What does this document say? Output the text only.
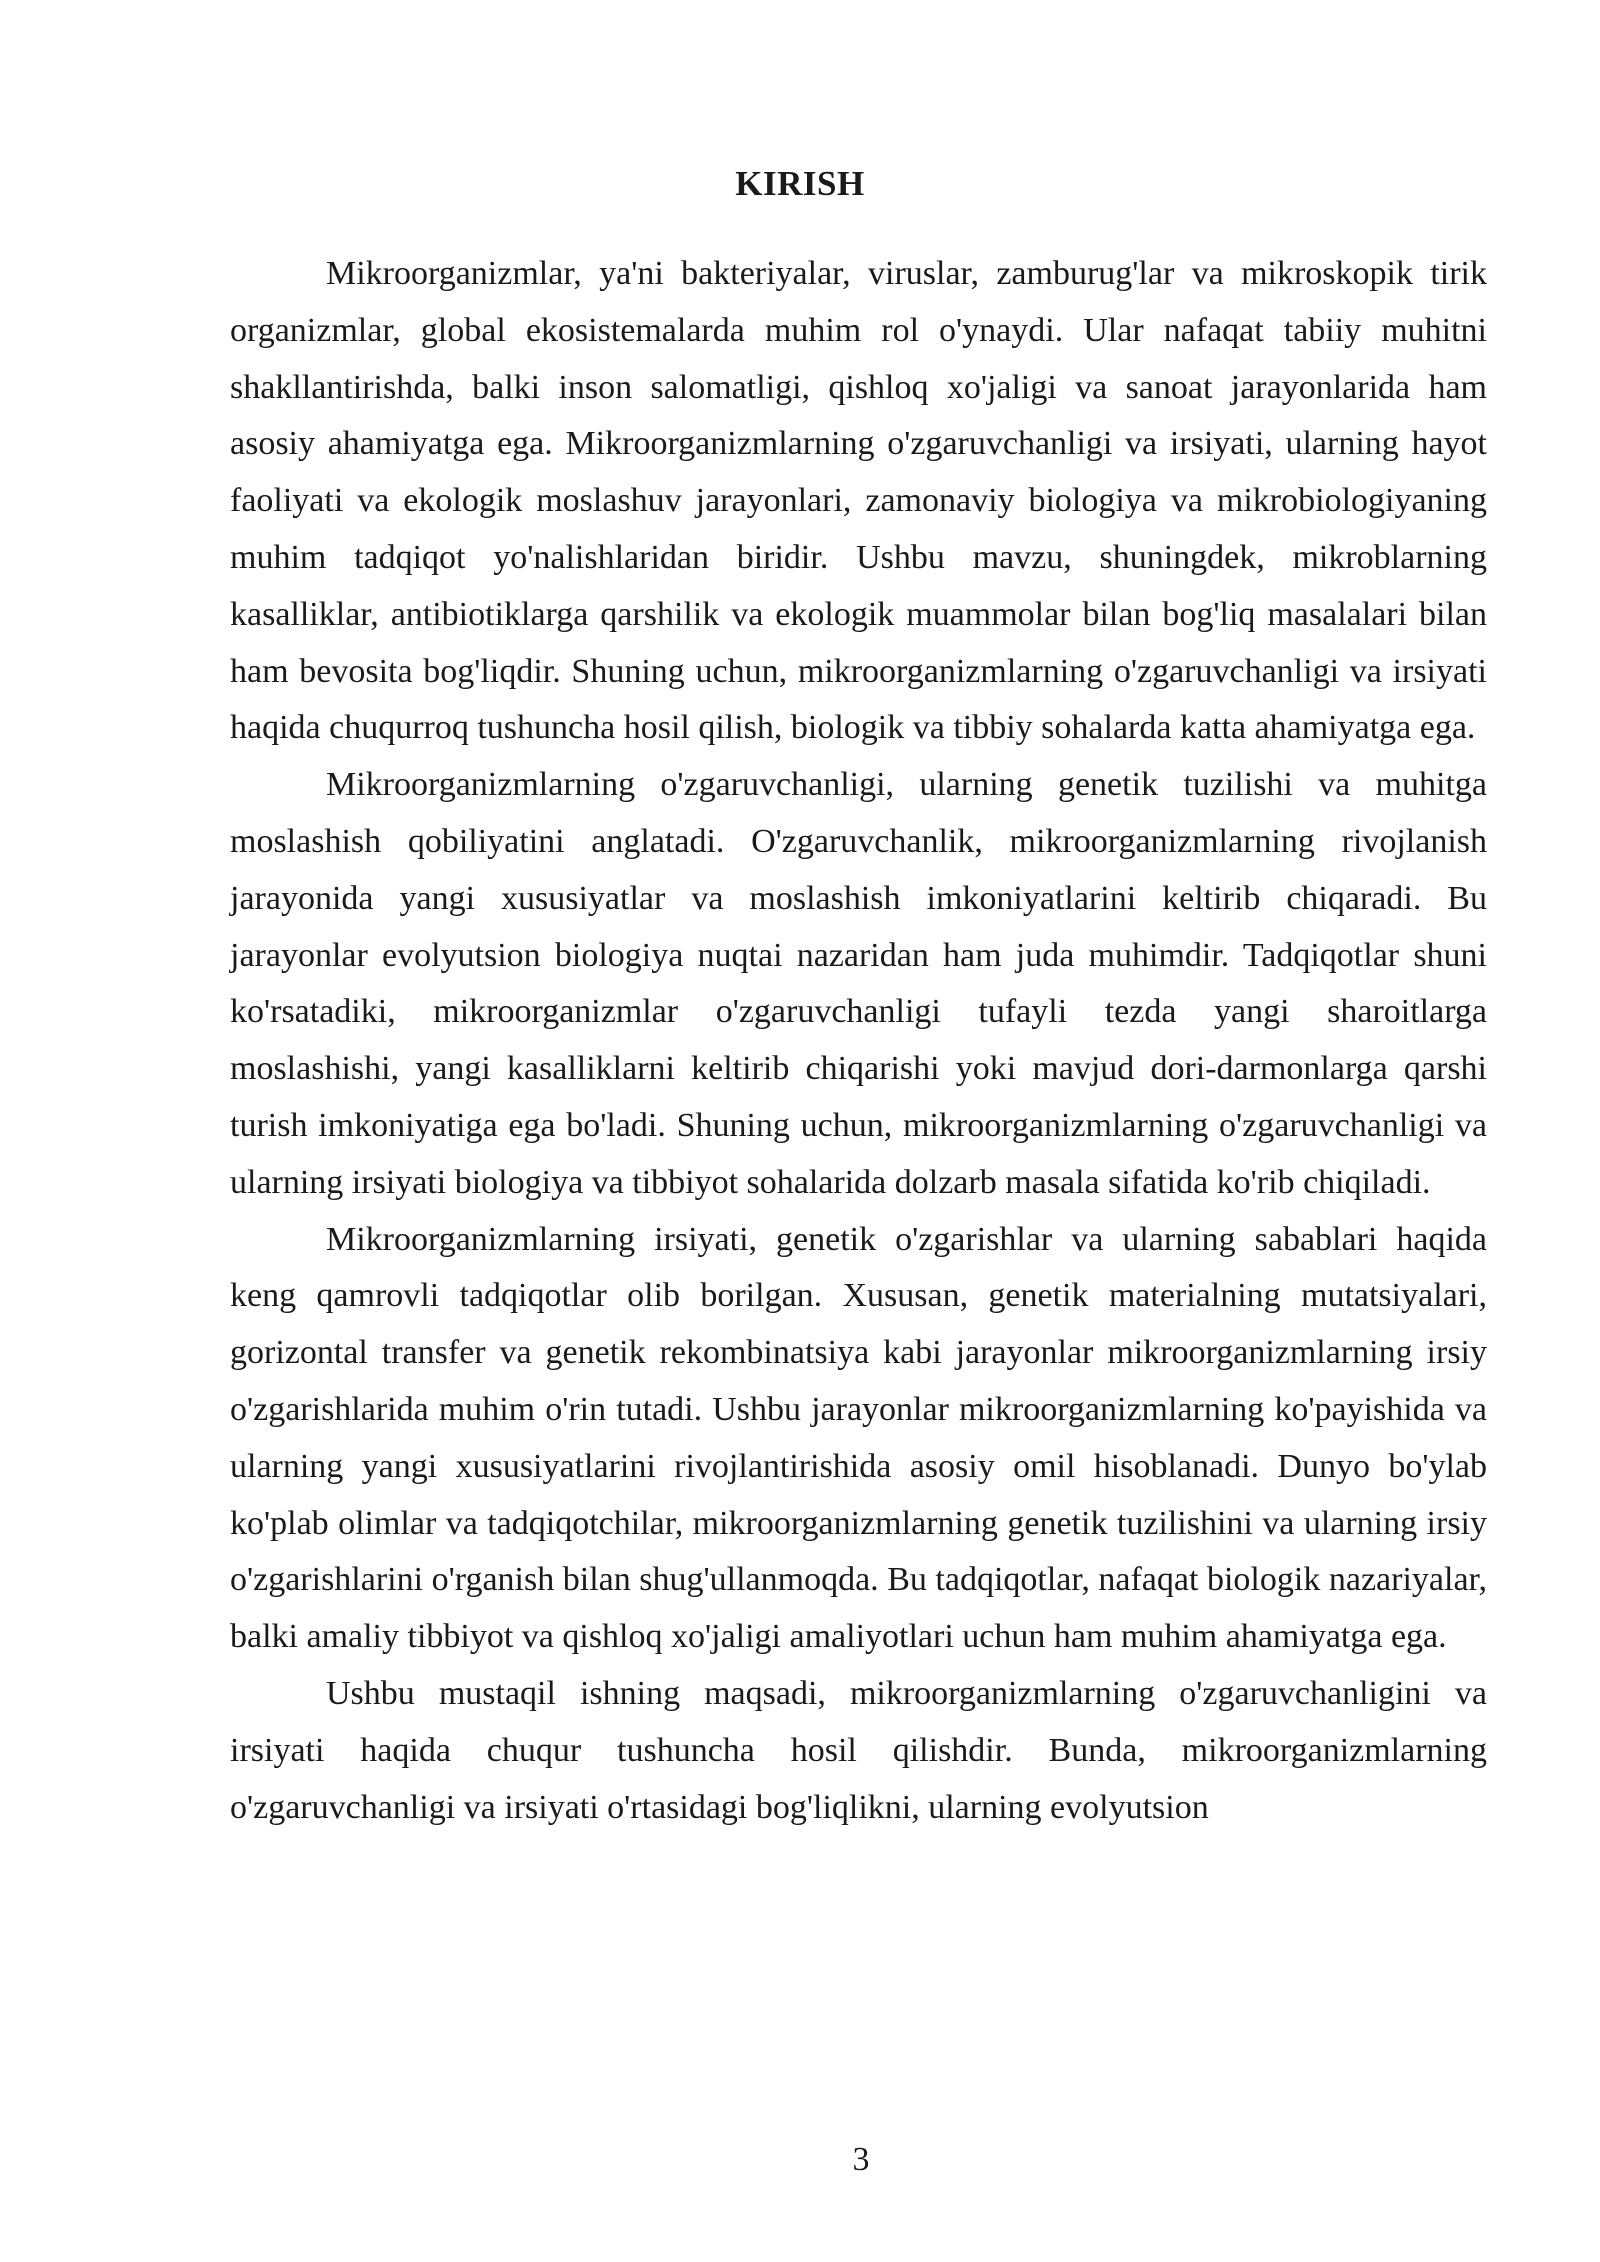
KIRISH

Mikroorganizmlar, ya'ni bakteriyalar, viruslar, zamburug'lar va mikroskopik tirik organizmlar, global ekosistemalarda muhim rol o'ynaydi. Ular nafaqat tabiiy muhitni shakllantirishda, balki inson salomatligi, qishloq xo'jaligi va sanoat jarayonlarida ham asosiy ahamiyatga ega. Mikroorganizmlarning o'zgaruvchanligi va irsiyati, ularning hayot faoliyati va ekologik moslashuv jarayonlari, zamonaviy biologiya va mikrobiologiyaning muhim tadqiqot yo'nalishlaridan biridir. Ushbu mavzu, shuningdek, mikroblarning kasalliklar, antibiotiklarga qarshilik va ekologik muammolar bilan bog'liq masalalari bilan ham bevosita bog'liqdir. Shuning uchun, mikroorganizmlarning o'zgaruvchanligi va irsiyati haqida chuqurroq tushuncha hosil qilish, biologik va tibbiy sohalarda katta ahamiyatga ega.

Mikroorganizmlarning o'zgaruvchanligi, ularning genetik tuzilishi va muhitga moslashish qobiliyatini anglatadi. O'zgaruvchanlik, mikroorganizmlarning rivojlanish jarayonida yangi xususiyatlar va moslashish imkoniyatlarini keltirib chiqaradi. Bu jarayonlar evolyutsion biologiya nuqtai nazaridan ham juda muhimdir. Tadqiqotlar shuni ko'rsatadiki, mikroorganizmlar o'zgaruvchanligi tufayli tezda yangi sharoitlarga moslashishi, yangi kasalliklarni keltirib chiqarishi yoki mavjud dori-darmonlarga qarshi turish imkoniyatiga ega bo'ladi. Shuning uchun, mikroorganizmlarning o'zgaruvchanligi va ularning irsiyati biologiya va tibbiyot sohalarida dolzarb masala sifatida ko'rib chiqiladi.

Mikroorganizmlarning irsiyati, genetik o'zgarishlar va ularning sabablari haqida keng qamrovli tadqiqotlar olib borilgan. Xususan, genetik materialning mutatsiyalari, gorizontal transfer va genetik rekombinatsiya kabi jarayonlar mikroorganizmlarning irsiy o'zgarishlarida muhim o'rin tutadi. Ushbu jarayonlar mikroorganizmlarning ko'payishida va ularning yangi xususiyatlarini rivojlantirishida asosiy omil hisoblanadi. Dunyo bo'ylab ko'plab olimlar va tadqiqotchilar, mikroorganizmlarning genetik tuzilishini va ularning irsiy o'zgarishlarini o'rganish bilan shug'ullanmoqda. Bu tadqiqotlar, nafaqat biologik nazariyalar, balki amaliy tibbiyot va qishloq xo'jaligi amaliyotlari uchun ham muhim ahamiyatga ega.

Ushbu mustaqil ishning maqsadi, mikroorganizmlarning o'zgaruvchanligini va irsiyati haqida chuqur tushuncha hosil qilishdir. Bunda, mikroorganizmlarning o'zgaruvchanligi va irsiyati o'rtasidagi bog'liqlikni, ularning evolyutsion

3
